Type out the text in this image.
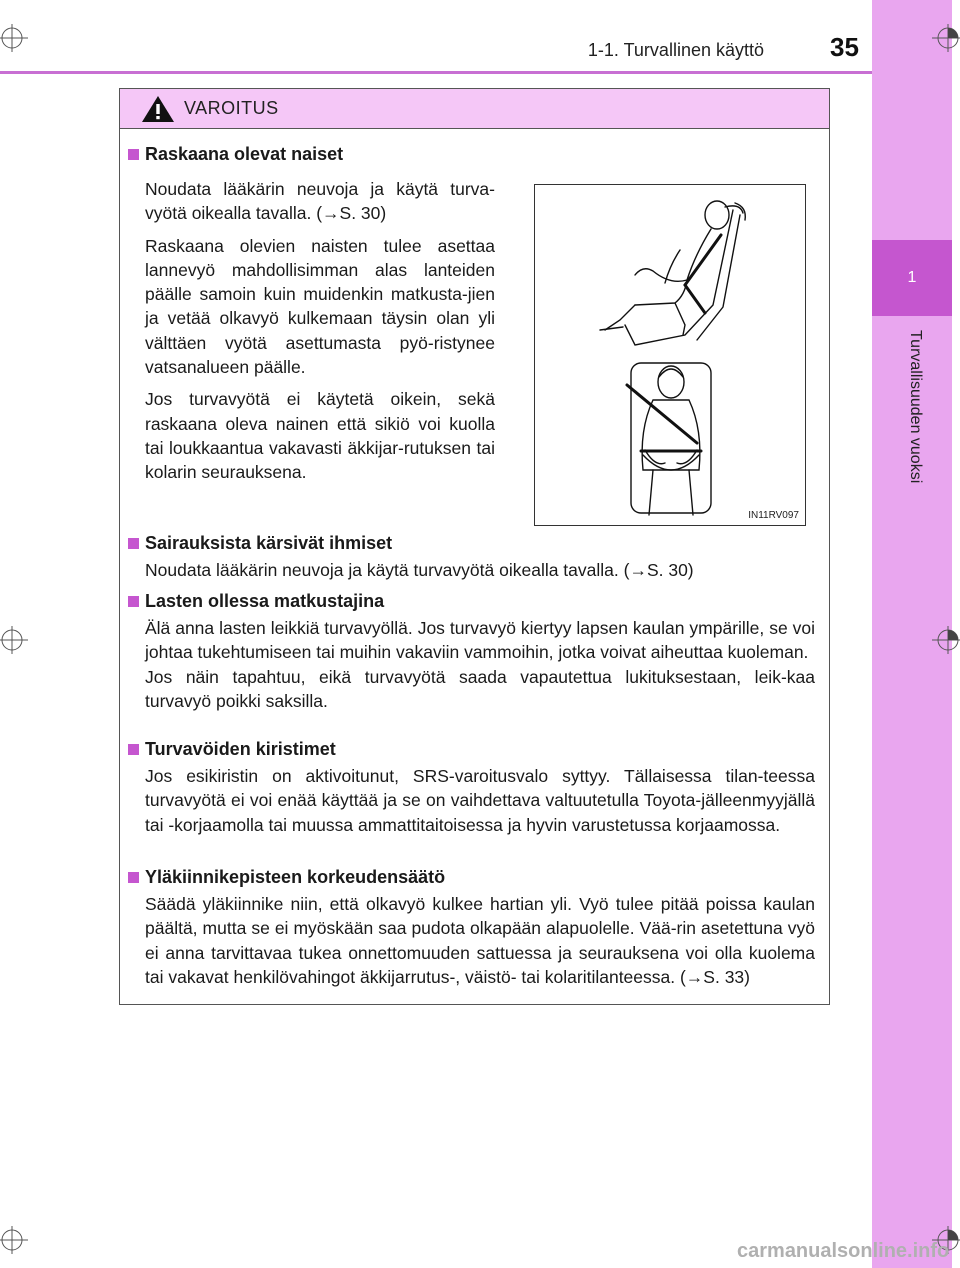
1
Turvallisuuden vuoksi
1-1. Turvallinen käyttö	35
VAROITUS
Raskaana olevat naiset
Noudata lääkärin neuvoja ja käytä turva-vyötä oikealla tavalla. (→S. 30)
Raskaana olevien naisten tulee asettaa lannevyö mahdollisimman alas lanteiden päälle samoin kuin muidenkin matkusta-jien ja vetää olkavyö kulkemaan täysin olan yli välttäen vyötä asettumasta pyö-ristynee vatsanalueen päälle.
Jos turvavyötä ei käytetä oikein, sekä raskaana oleva nainen että sikiö voi kuolla tai loukkaantua vakavasti äkkijar-rutuksen tai kolarin seurauksena.
IN11RV097
Sairauksista kärsivät ihmiset
Noudata lääkärin neuvoja ja käytä turvavyötä oikealla tavalla. (→S. 30)
Lasten ollessa matkustajina
Älä anna lasten leikkiä turvavyöllä. Jos turvavyö kiertyy lapsen kaulan ympärille, se voi johtaa tukehtumiseen tai muihin vakaviin vammoihin, jotka voivat aiheuttaa kuoleman.
Jos näin tapahtuu, eikä turvavyötä saada vapautettua lukituksestaan, leik-kaa turvavyö poikki saksilla.
Turvavöiden kiristimet
Jos esikiristin on aktivoitunut, SRS-varoitusvalo syttyy. Tällaisessa tilan-teessa turvavyötä ei voi enää käyttää ja se on vaihdettava valtuutetulla Toyota-jälleenmyyjällä tai -korjaamolla tai muussa ammattitaitoisessa ja hyvin varustetussa korjaamossa.
Yläkiinnikepisteen korkeudensäätö
Säädä yläkiinnike niin, että olkavyö kulkee hartian yli. Vyö tulee pitää poissa kaulan päältä, mutta se ei myöskään saa pudota olkapään alapuolelle. Vää-rin asetettuna vyö ei anna tarvittavaa tukea onnettomuuden sattuessa ja seurauksena voi olla kuolema tai vakavat henkilövahingot äkkijarrutus-, väistö- tai kolaritilanteessa. (→S. 33)
carmanualsonline.info
